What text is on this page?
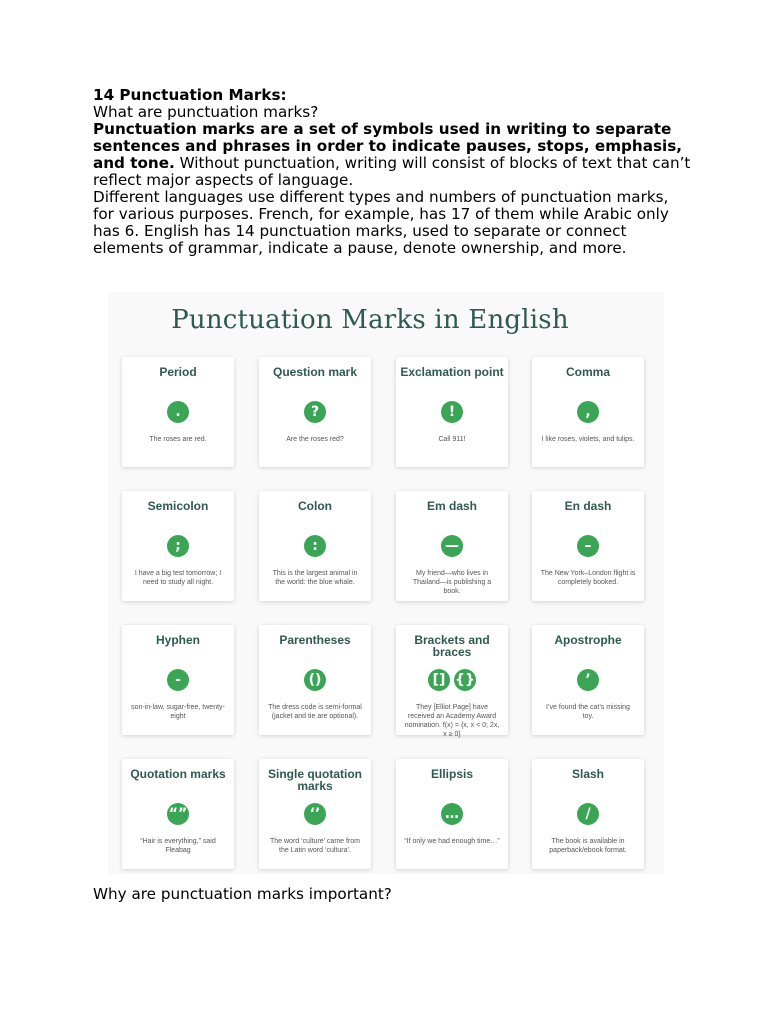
14 Punctuation Marks:

What are punctuation marks?

Punctuation marks are a set of symbols used in writing to separate sentences and phrases in order to indicate pauses, stops, emphasis, and tone. Without punctuation, writing will consist of blocks of text that can’t reflect major aspects of language.

Different languages use different types and numbers of punctuation marks, for various purposes. French, for example, has 17 of them while Arabic only has 6. English has 14 punctuation marks, used to separate or connect elements of grammar, indicate a pause, denote ownership, and more.

Punctuation Marks in English
Period
.
The roses are red.
Question mark
?
Are the roses red?
Exclamation point
!
Call 911!
Comma
,
I like roses, violets, and tulips.
Semicolon
;
I have a big test tomorrow; I need to study all night.
Colon
:
This is the largest animal in the world: the blue whale.
Em dash
—
My friend—who lives in Thailand—is publishing a book.
En dash
–
The New York–London flight is completely booked.
Hyphen
-
son-in-law, sugar-free, twenty-eight
Parentheses
()
The dress code is semi-formal (jacket and tie are optional).
Brackets and braces
[] {}
They [Elliot Page] have received an Academy Award nomination. f(x) = {x, x < 0; 2x, x ≥ 0}
Apostrophe
’
I’ve found the cat’s missing toy.
Quotation marks
“”
“Hair is everything,” said Fleabag
Single quotation marks
‘’
The word ‘culture’ came from the Latin word ‘cultura’.
Ellipsis
…
“If only we had enough time…”
Slash
/
The book is available in paperback/ebook format.
Why are punctuation marks important?
